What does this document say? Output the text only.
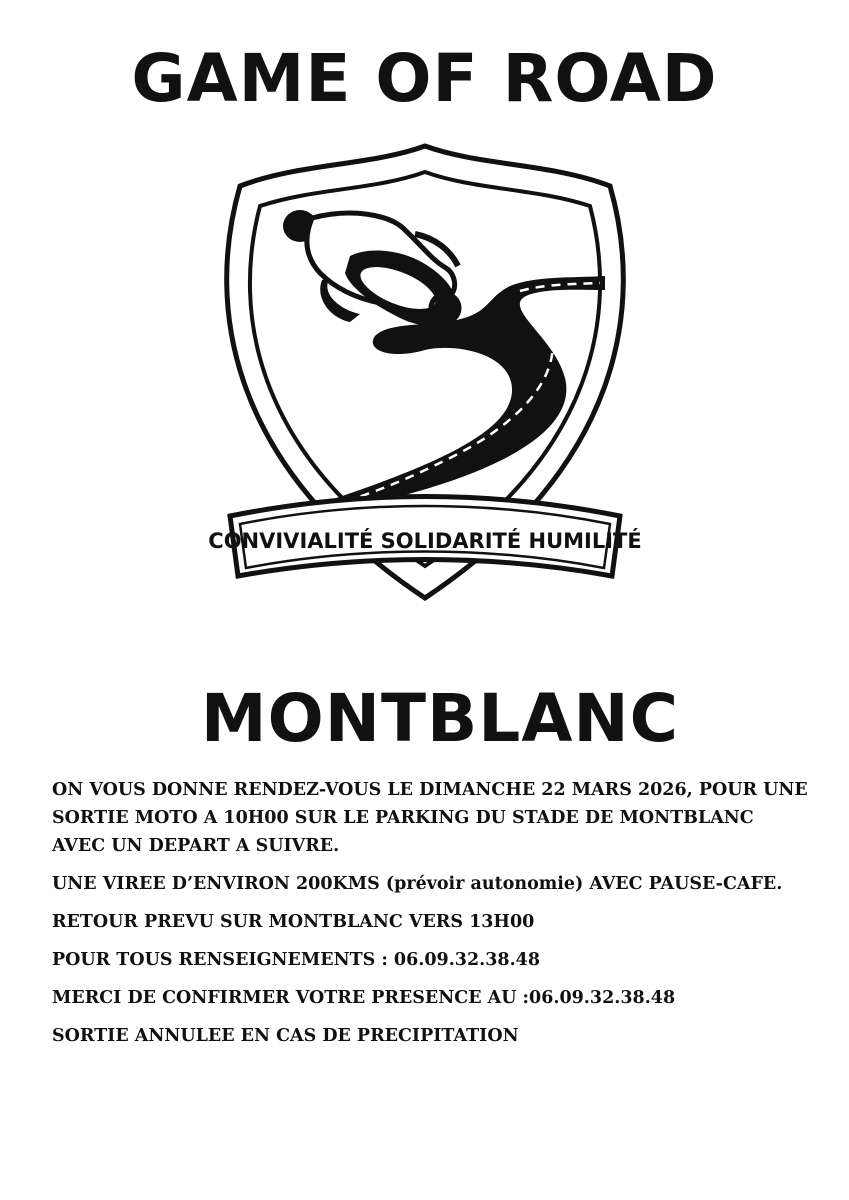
GAME OF ROAD
CONVIVIALITÉ SOLIDARITÉ HUMILITÉ
MONTBLANC

ON VOUS DONNE RENDEZ-VOUS LE DIMANCHE 22 MARS 2026, POUR UNE SORTIE MOTO A 10H00 SUR LE PARKING DU STADE DE MONTBLANC AVEC UN DEPART A SUIVRE.

UNE VIREE D’ENVIRON 200KMS (prévoir autonomie) AVEC PAUSE-CAFE.

RETOUR PREVU SUR MONTBLANC VERS 13H00

POUR TOUS RENSEIGNEMENTS : 06.09.32.38.48

MERCI DE CONFIRMER VOTRE PRESENCE AU :06.09.32.38.48

SORTIE ANNULEE EN CAS DE PRECIPITATION
